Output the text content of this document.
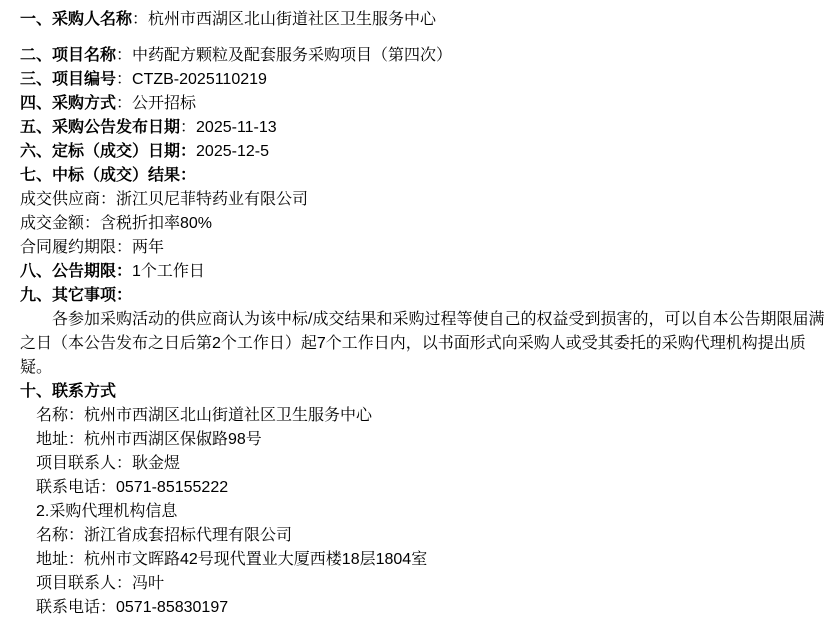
一、采购人名称：杭州市西湖区北山街道社区卫生服务中心
二、项目名称：中药配方颗粒及配套服务采购项目（第四次）
三、项目编号：CTZB-2025110219
四、采购方式：公开招标
五、采购公告发布日期：2025-11-13
六、定标（成交）日期：2025-12-5
七、中标（成交）结果：
成交供应商：浙江贝尼菲特药业有限公司
成交金额：含税折扣率80%
合同履约期限：两年
八、公告期限：1个工作日
九、其它事项：
各参加采购活动的供应商认为该中标/成交结果和采购过程等使自己的权益受到损害的，可以自本公告期限届满之日（本公告发布之日后第2个工作日）起7个工作日内，以书面形式向采购人或受其委托的采购代理机构提出质疑。
十、联系方式
名称：杭州市西湖区北山街道社区卫生服务中心
地址：杭州市西湖区保俶路98号
项目联系人：耿金煜
联系电话：0571-85155222
2.采购代理机构信息
名称：浙江省成套招标代理有限公司
地址：杭州市文晖路42号现代置业大厦西楼18层1804室
项目联系人：冯叶
联系电话：0571-85830197
